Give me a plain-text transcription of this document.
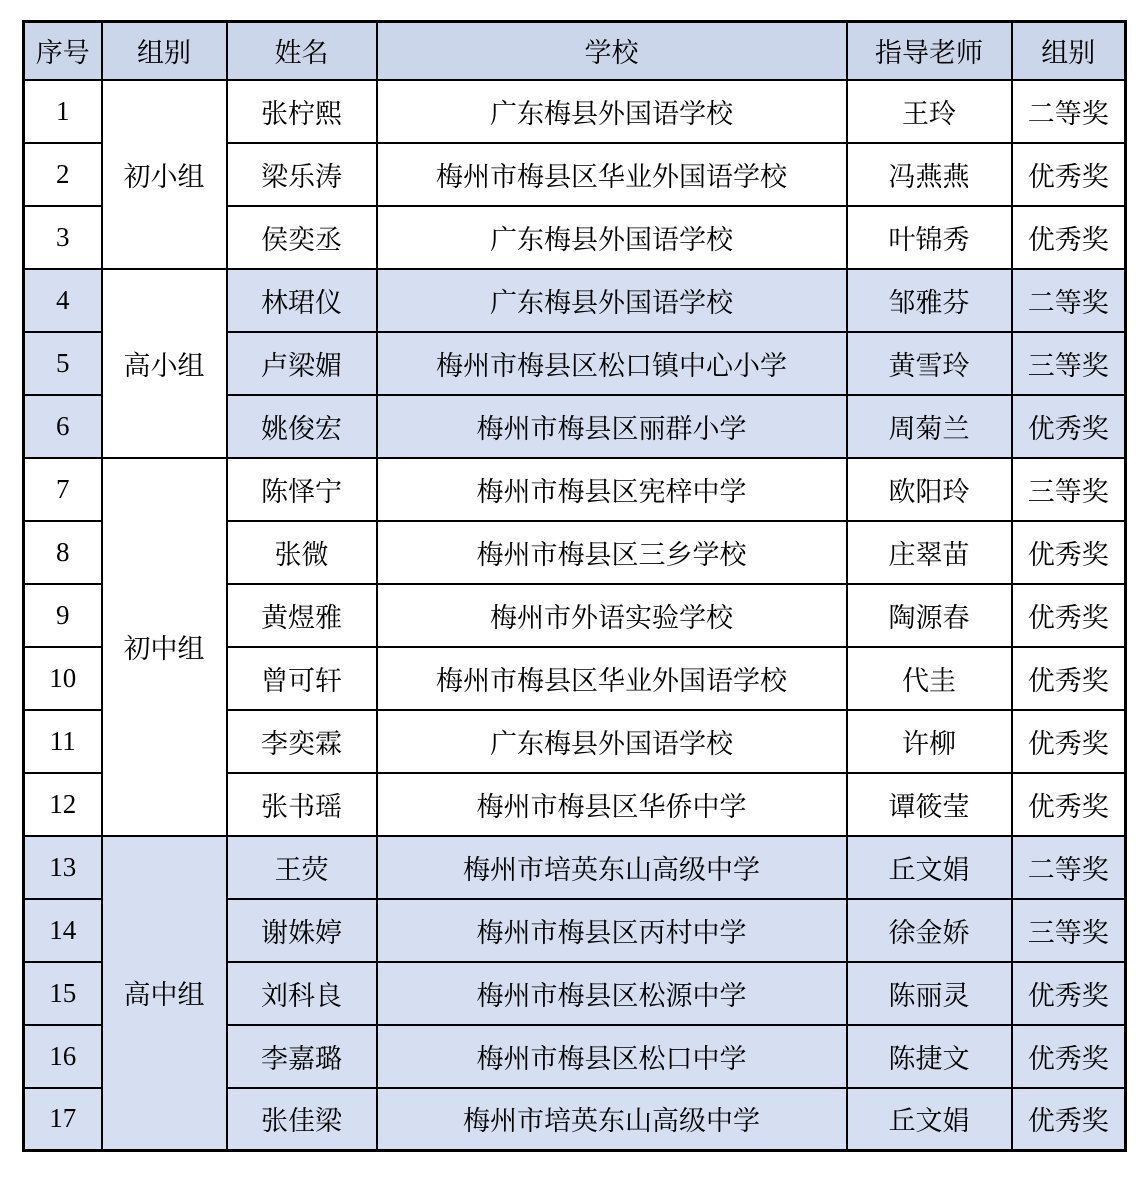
序号	组别	姓名	学校	指导老师	组别
1	初小组	张柠熙	广东梅县外国语学校	王玲	二等奖
2		梁乐涛	梅州市梅县区华业外国语学校	冯燕燕	优秀奖
3		侯奕丞	广东梅县外国语学校	叶锦秀	优秀奖
4	高小组	林珺仪	广东梅县外国语学校	邹雅芬	二等奖
5		卢梁媚	梅州市梅县区松口镇中心小学	黄雪玲	三等奖
6		姚俊宏	梅州市梅县区丽群小学	周菊兰	优秀奖
7	初中组	陈怿宁	梅州市梅县区宪梓中学	欧阳玲	三等奖
8		张微	梅州市梅县区三乡学校	庄翠苗	优秀奖
9		黄煜雅	梅州市外语实验学校	陶源春	优秀奖
10		曾可轩	梅州市梅县区华业外国语学校	代圭	优秀奖
11		李奕霖	广东梅县外国语学校	许柳	优秀奖
12		张书瑶	梅州市梅县区华侨中学	谭筱莹	优秀奖
13	高中组	王荧	梅州市培英东山高级中学	丘文娟	二等奖
14		谢姝婷	梅州市梅县区丙村中学	徐金娇	三等奖
15		刘科良	梅州市梅县区松源中学	陈丽灵	优秀奖
16		李嘉璐	梅州市梅县区松口中学	陈捷文	优秀奖
17		张佳梁	梅州市培英东山高级中学	丘文娟	优秀奖
